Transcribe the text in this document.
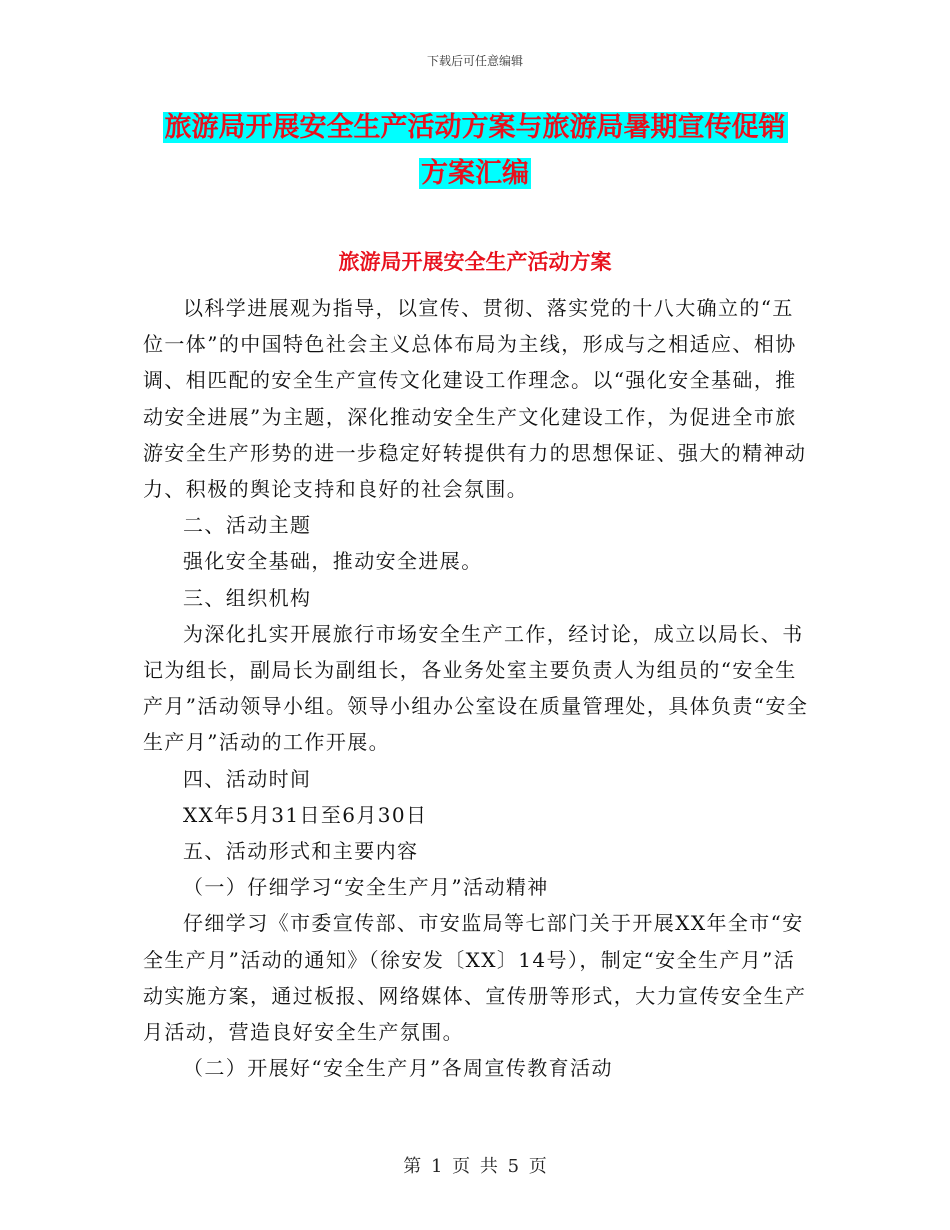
下载后可任意编辑
旅游局开展安全生产活动方案与旅游局暑期宣传促销
方案汇编
旅游局开展安全生产活动方案

以科学进展观为指导，以宣传、贯彻、落实党的十八大确立的“五位一体”的中国特色社会主义总体布局为主线，形成与之相适应、相协调、相匹配的安全生产宣传文化建设工作理念。以“强化安全基础，推动安全进展”为主题，深化推动安全生产文化建设工作，为促进全市旅游安全生产形势的进一步稳定好转提供有力的思想保证、强大的精神动力、积极的舆论支持和良好的社会氛围。

二、活动主题

强化安全基础，推动安全进展。

三、组织机构

为深化扎实开展旅行市场安全生产工作，经讨论，成立以局长、书记为组长，副局长为副组长，各业务处室主要负责人为组员的“安全生产月”活动领导小组。领导小组办公室设在质量管理处，具体负责“安全生产月”活动的工作开展。

四、活动时间

XX年5月31日至6月30日

五、活动形式和主要内容

（一）仔细学习“安全生产月”活动精神

仔细学习《市委宣传部、市安监局等七部门关于开展XX年全市“安全生产月”活动的通知》（徐安发〔XX〕14号），制定“安全生产月”活动实施方案，通过板报、网络媒体、宣传册等形式，大力宣传安全生产月活动，营造良好安全生产氛围。

（二）开展好“安全生产月”各周宣传教育活动

第 1 页 共 5 页
